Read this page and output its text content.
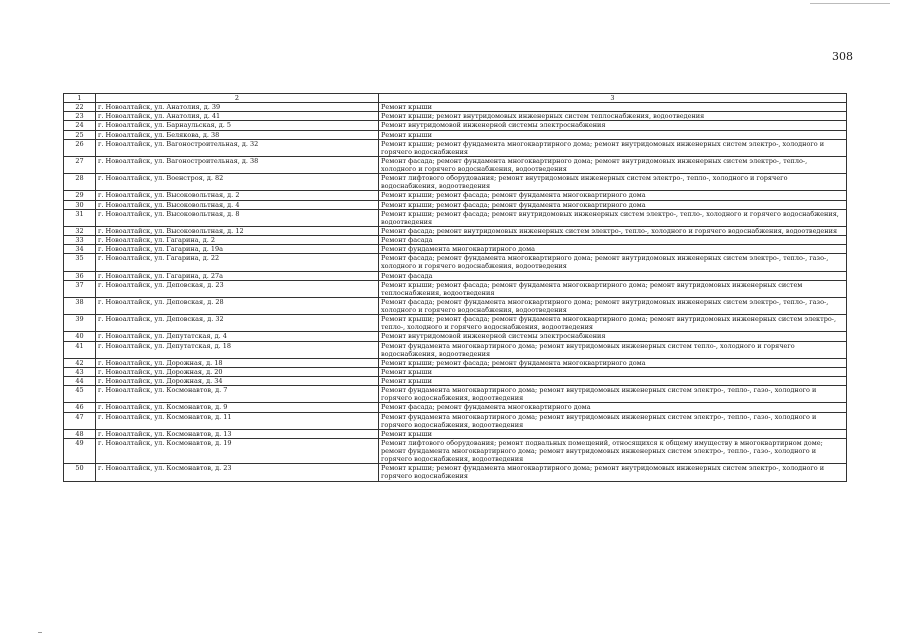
308
1	2	3
22	г. Новоалтайск, ул. Анатолия, д. 39	Ремонт крыши
23	г. Новоалтайск, ул. Анатолия, д. 41	Ремонт крыши; ремонт внутридомовых инженерных систем теплоснабжения, водоотведения
24	г. Новоалтайск, ул. Барнаульская, д. 5	Ремонт внутридомовой инженерной системы электроснабжения
25	г. Новоалтайск, ул. Белякова, д. 38	Ремонт крыши
26	г. Новоалтайск, ул. Вагоностроительная, д. 32	Ремонт крыши; ремонт фундамента многоквартирного дома; ремонт внутридомовых инженерных систем электро-, холодного и горячего водоснабжения
27	г. Новоалтайск, ул. Вагоностроительная, д. 38	Ремонт фасада; ремонт фундамента многоквартирного дома; ремонт внутридомовых инженерных систем электро-, тепло-, холодного и горячего водоснабжения, водоотведения
28	г. Новоалтайск, ул. Военстроя, д. 82	Ремонт лифтового оборудования; ремонт внутридомовых инженерных систем электро-, тепло-, холодного и горячего водоснабжения, водоотведения
29	г. Новоалтайск, ул. Высоковольтная, д. 2	Ремонт крыши; ремонт фасада; ремонт фундамента многоквартирного дома
30	г. Новоалтайск, ул. Высоковольтная, д. 4	Ремонт крыши; ремонт фасада; ремонт фундамента многоквартирного дома
31	г. Новоалтайск, ул. Высоковольтная, д. 8	Ремонт крыши; ремонт фасада; ремонт внутридомовых инженерных систем электро-, тепло-, холодного и горячего водоснабжения, водоотведения
32	г. Новоалтайск, ул. Высоковольтная, д. 12	Ремонт фасада; ремонт внутридомовых инженерных систем электро-, тепло-, холодного и горячего водоснабжения, водоотведения
33	г. Новоалтайск, ул. Гагарина, д. 2	Ремонт фасада
34	г. Новоалтайск, ул. Гагарина, д. 19а	Ремонт фундамента многоквартирного дома
35	г. Новоалтайск, ул. Гагарина, д. 22	Ремонт фасада; ремонт фундамента многоквартирного дома; ремонт внутридомовых инженерных систем электро-, тепло-, газо-, холодного и горячего водоснабжения, водоотведения
36	г. Новоалтайск, ул. Гагарина, д. 27а	Ремонт фасада
37	г. Новоалтайск, ул. Деповская, д. 23	Ремонт крыши; ремонт фасада; ремонт фундамента многоквартирного дома; ремонт внутридомовых инженерных систем теплоснабжения, водоотведения
38	г. Новоалтайск, ул. Деповская, д. 28	Ремонт фасада; ремонт фундамента многоквартирного дома; ремонт внутридомовых инженерных систем электро-, тепло-, газо-, холодного и горячего водоснабжения, водоотведения
39	г. Новоалтайск, ул. Деповская, д. 32	Ремонт крыши; ремонт фасада; ремонт фундамента многоквартирного дома; ремонт внутридомовых инженерных систем электро-, тепло-, холодного и горячего водоснабжения, водоотведения
40	г. Новоалтайск, ул. Депутатская, д. 4	Ремонт внутридомовой инженерной системы электроснабжения
41	г. Новоалтайск, ул. Депутатская, д. 18	Ремонт фундамента многоквартирного дома; ремонт внутридомовых инженерных систем тепло-, холодного и горячего водоснабжения, водоотведения
42	г. Новоалтайск, ул. Дорожная, д. 18	Ремонт крыши; ремонт фасада; ремонт фундамента многоквартирного дома
43	г. Новоалтайск, ул. Дорожная, д. 20	Ремонт крыши
44	г. Новоалтайск, ул. Дорожная, д. 34	Ремонт крыши
45	г. Новоалтайск, ул. Космонавтов, д. 7	Ремонт фундамента многоквартирного дома; ремонт внутридомовых инженерных систем электро-, тепло-, газо-, холодного и горячего водоснабжения, водоотведения
46	г. Новоалтайск, ул. Космонавтов, д. 9	Ремонт фасада; ремонт фундамента многоквартирного дома
47	г. Новоалтайск, ул. Космонавтов, д. 11	Ремонт фундамента многоквартирного дома; ремонт внутридомовых инженерных систем электро-, тепло-, газо-, холодного и горячего водоснабжения, водоотведения
48	г. Новоалтайск, ул. Космонавтов, д. 13	Ремонт крыши
49	г. Новоалтайск, ул. Космонавтов, д. 19	Ремонт лифтового оборудования; ремонт подвальных помещений, относящихся к общему имуществу в многоквартирном доме; ремонт фундамента многоквартирного дома; ремонт внутридомовых инженерных систем электро-, тепло-, газо-, холодного и горячего водоснабжения, водоотведения
50	г. Новоалтайск, ул. Космонавтов, д. 23	Ремонт крыши; ремонт фундамента многоквартирного дома; ремонт внутридомовых инженерных систем электро-, холодного и горячего водоснабжения
